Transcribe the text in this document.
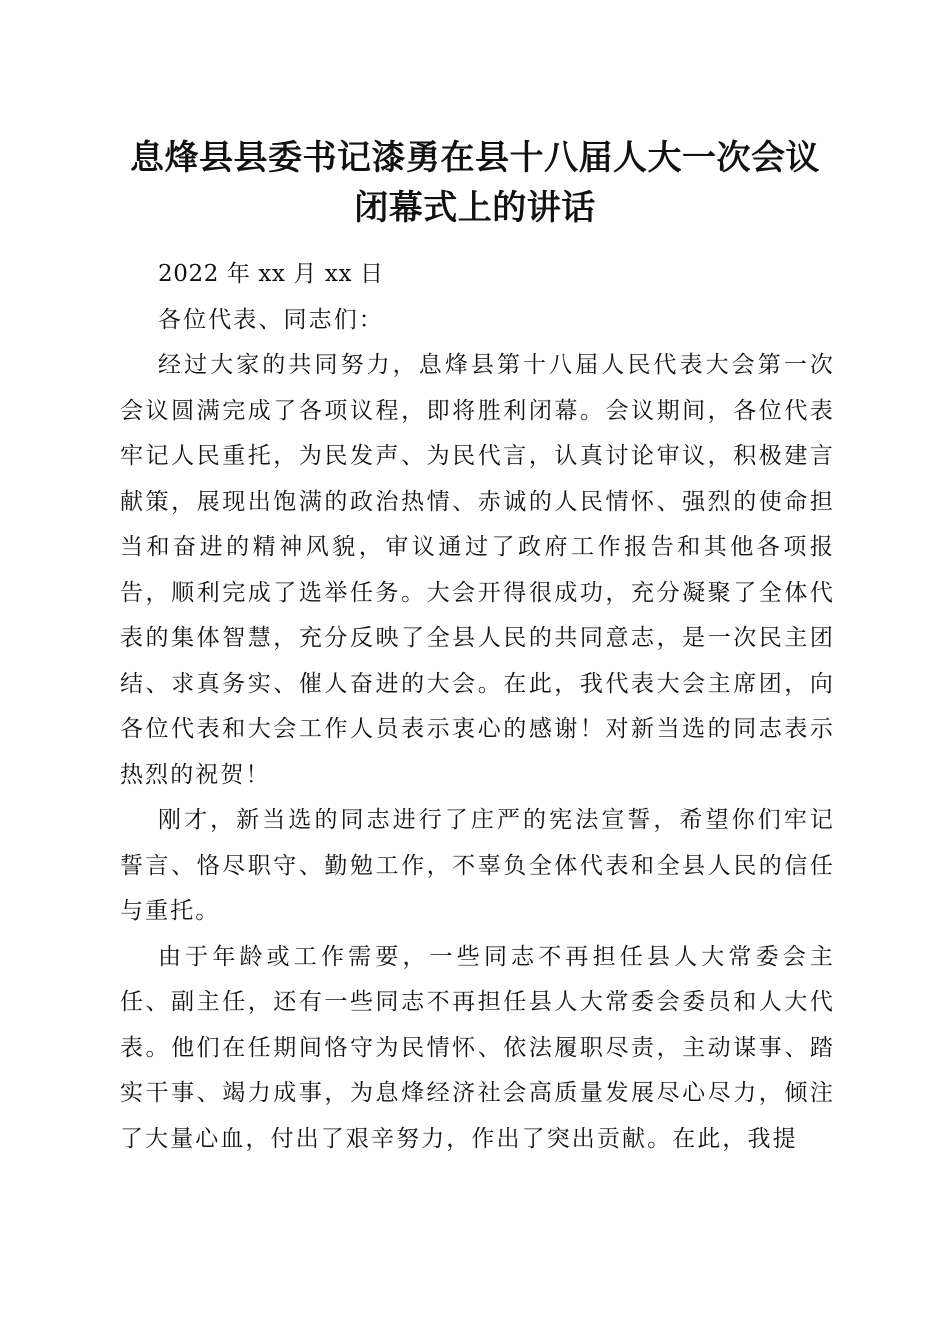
息烽县县委书记漆勇在县十八届人大一次会议
闭幕式上的讲话

2022 年 xx 月 xx 日

各位代表、同志们：

经过大家的共同努力，息烽县第十八届人民代表大会第一次会议圆满完成了各项议程，即将胜利闭幕。会议期间，各位代表牢记人民重托，为民发声、为民代言，认真讨论审议，积极建言献策，展现出饱满的政治热情、赤诚的人民情怀、强烈的使命担当和奋进的精神风貌，审议通过了政府工作报告和其他各项报告，顺利完成了选举任务。大会开得很成功，充分凝聚了全体代表的集体智慧，充分反映了全县人民的共同意志，是一次民主团结、求真务实、催人奋进的大会。在此，我代表大会主席团，向各位代表和大会工作人员表示衷心的感谢！对新当选的同志表示热烈的祝贺！

刚才，新当选的同志进行了庄严的宪法宣誓，希望你们牢记誓言、恪尽职守、勤勉工作，不辜负全体代表和全县人民的信任与重托。

由于年龄或工作需要，一些同志不再担任县人大常委会主任、副主任，还有一些同志不再担任县人大常委会委员和人大代表。他们在任期间恪守为民情怀、依法履职尽责，主动谋事、踏实干事、竭力成事，为息烽经济社会高质量发展尽心尽力，倾注了大量心血，付出了艰辛努力，作出了突出贡献。在此，我提
